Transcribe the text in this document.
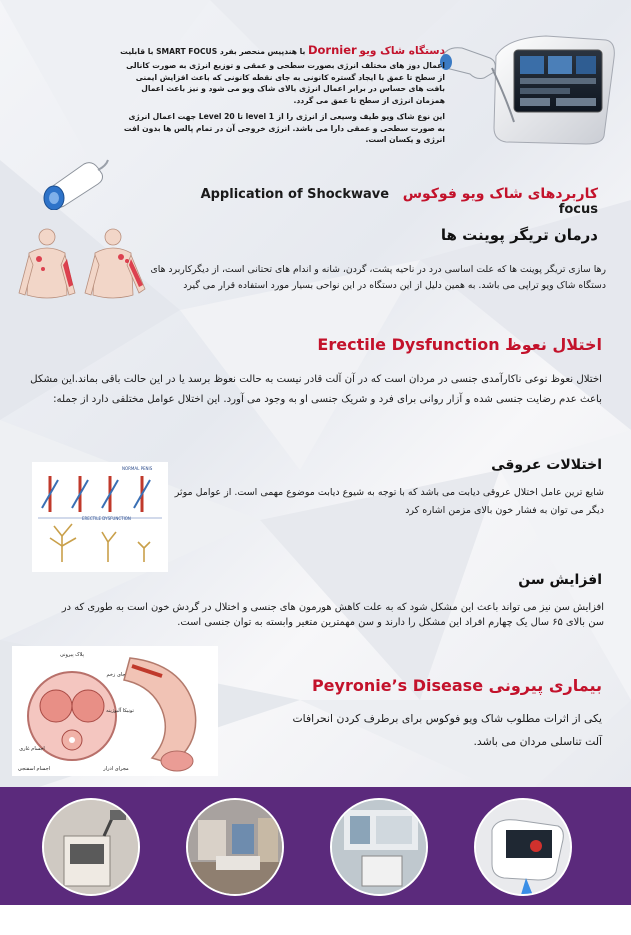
دستگاه شاک ویو Dornier با هندپیس منحصر بفرد SMART FOCUS با قابلیت اعمال دوز های مختلف انرژی بصورت سطحی و عمقی و توزیع انرژی به صورت کانالی از سطح تا عمق با ایجاد گستره کانونی به جای نقطه کانونی که باعث افزایش ایمنی بافت های حساس در برابر اعمال انرژی بالای شاک ویو می شود و نیز باعث اعمال همزمان انرژی از سطح تا عمق می گردد.

این نوع شاک ویو طیف وسیعی از انرژی را از level 1 تا Level 20 جهت اعمال انرژی به صورت سطحی و عمقی دارا می باشد. انرژی خروجی آن در تمام پالس ها بدون افت انرژی و یکسان است.

کاربردهای شاک ویو فوکوس   Application of Shockwave focus
درمان تریگر پوینت ها
رها سازی تریگر پوینت ها که علت اساسی درد در ناحیه پشت، گردن، شانه و اندام های تحتانی است، از دیگرکاربرد های دستگاه شاک ویو تراپی می باشد. به همین دلیل از این دستگاه در این نواحی بسیار مورد استفاده قرار می گیرد
اختلال نعوظ Erectile Dysfunction
اختلال نعوظ نوعی ناکارآمدی جنسی در مردان است که در آن آلت قادر نیست به حالت نعوظ برسد یا در این حالت باقی بماند.این مشکل باعث عدم رضایت جنسی شده و آزار روانی برای فرد و شریک جنسی او به وجود می آورد. این اختلال عوامل مختلفی دارد از جمله:
NORMAL PENIS
ERECTILE DYSFUNCTION
اختلالات عروقی
شایع ترین عامل اختلال عروقی دیابت می باشد که با توجه به شیوع دیابت موضوع مهمی است. از عوامل موثر دیگر می توان به فشار خون بالای مزمن اشاره کرد
افزایش سن
افزایش سن نیز می تواند باعث این مشکل شود که به علت کاهش هورمون های جنسی و اختلال در گردش خون است به طوری که در سن بالای ۶۵ سال یک چهارم افراد این مشکل را دارند و سن مهمترین متغیر وابسته به توان جنسی است.
پلاک پیرونی
جای زخم
تونیکا آلبوژینه
اجسام غاری
اجسام اسفنجی	مجرای ادرار
بیماری پیرونی Peyronie’s Disease
یکی از اثرات مطلوب شاک ویو فوکوس برای برطرف کردن انحرافات آلت تناسلی مردان می باشد.
